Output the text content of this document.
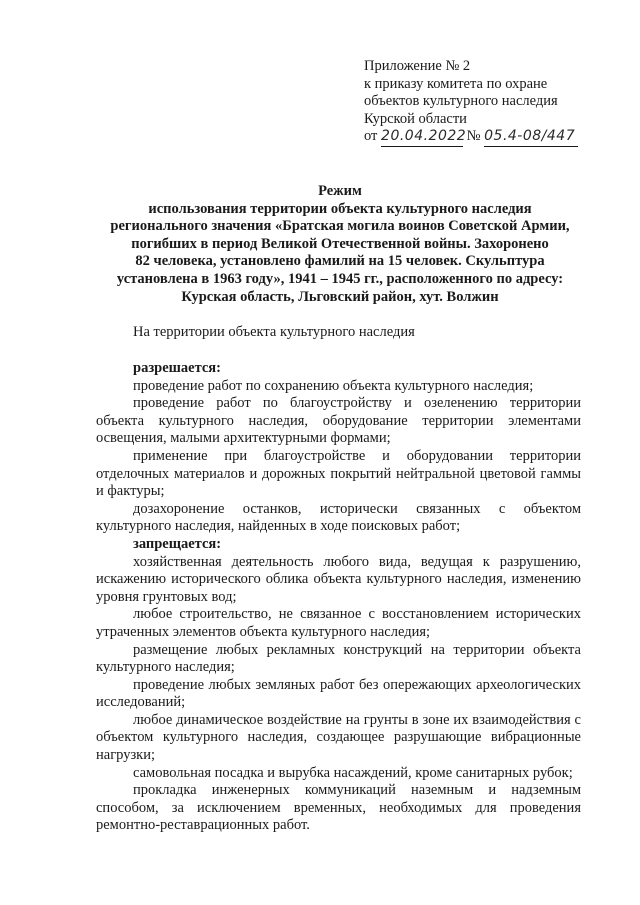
Приложение № 2
к приказу комитета по охране
объектов культурного наследия
Курской области
от 20.04.2022 № 05.4-08/447
Режим
использования территории объекта культурного наследия
регионального значения «Братская могила воинов Советской Армии,
погибших в период Великой Отечественной войны. Захоронено
82 человека, установлено фамилий на 15 человек. Скульптура
установлена в 1963 году», 1941 – 1945 гг., расположенного по адресу:
Курская область, Льговский район, хут. Волжин
На территории объекта культурного наследия
разрешается:

проведение работ по сохранению объекта культурного наследия;

проведение работ по благоустройству и озеленению территории объекта культурного наследия, оборудование территории элементами освещения, малыми архитектурными формами;

применение при благоустройстве и оборудовании территории отделочных материалов и дорожных покрытий нейтральной цветовой гаммы и фактуры;

дозахоронение останков, исторически связанных с объектом культурного наследия, найденных в ходе поисковых работ;

запрещается:

хозяйственная деятельность любого вида, ведущая к разрушению, искажению исторического облика объекта культурного наследия, изменению уровня грунтовых вод;

любое строительство, не связанное с восстановлением исторических утраченных элементов объекта культурного наследия;

размещение любых рекламных конструкций на территории объекта культурного наследия;

проведение любых земляных работ без опережающих археологических исследований;

любое динамическое воздействие на грунты в зоне их взаимодействия с объектом культурного наследия, создающее разрушающие вибрационные нагрузки;

самовольная посадка и вырубка насаждений, кроме санитарных рубок;

прокладка инженерных коммуникаций наземным и надземным способом, за исключением временных, необходимых для проведения ремонтно-реставрационных работ.
